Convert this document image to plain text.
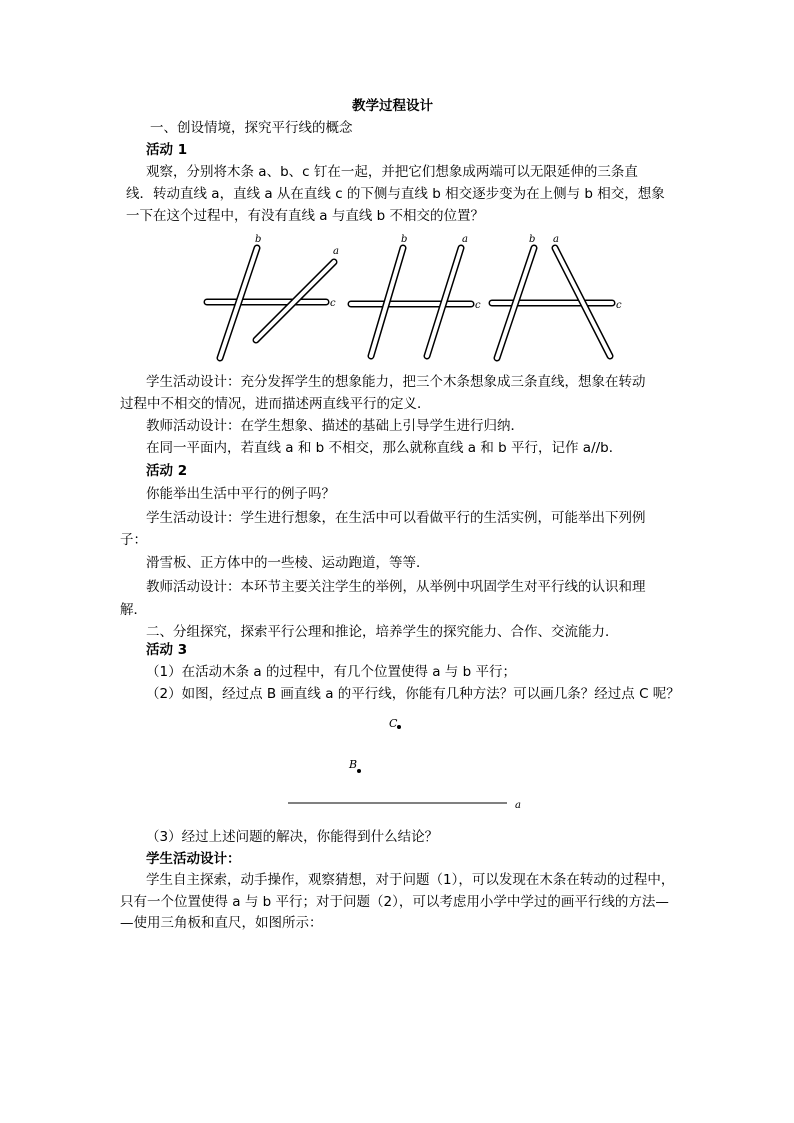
教学过程设计
一、创设情境，探究平行线的概念
活动 1
观察，分别将木条 a、b、c 钉在一起，并把它们想象成两端可以无限延伸的三条直
线．转动直线 a，直线 a 从在直线 c 的下侧与直线 b 相交逐步变为在上侧与 b 相交，想象
一下在这个过程中，有没有直线 a 与直线 b 不相交的位置？
b
a
c
b	a
c
b a
c
学生活动设计：充分发挥学生的想象能力，把三个木条想象成三条直线，想象在转动
过程中不相交的情况，进而描述两直线平行的定义．
教师活动设计：在学生想象、描述的基础上引导学生进行归纳．
在同一平面内，若直线 a 和 b 不相交，那么就称直线 a 和 b 平行，记作 a//b．
活动 2
你能举出生活中平行的例子吗？
学生活动设计：学生进行想象，在生活中可以看做平行的生活实例，可能举出下列例
子：
滑雪板、正方体中的一些棱、运动跑道，等等．
教师活动设计：本环节主要关注学生的举例，从举例中巩固学生对平行线的认识和理
解．
二、分组探究，探索平行公理和推论，培养学生的探究能力、合作、交流能力．
活动 3
（1）在活动木条 a 的过程中，有几个位置使得 a 与 b 平行；
（2）如图，经过点 B 画直线 a 的平行线，你能有几种方法？可以画几条？经过点 C 呢？
C
B
a
（3）经过上述问题的解决，你能得到什么结论？
学生活动设计：
学生自主探索，动手操作，观察猜想，对于问题（1），可以发现在木条在转动的过程中，
只有一个位置使得 a 与 b 平行；对于问题（2），可以考虑用小学中学过的画平行线的方法—
—使用三角板和直尺，如图所示：
